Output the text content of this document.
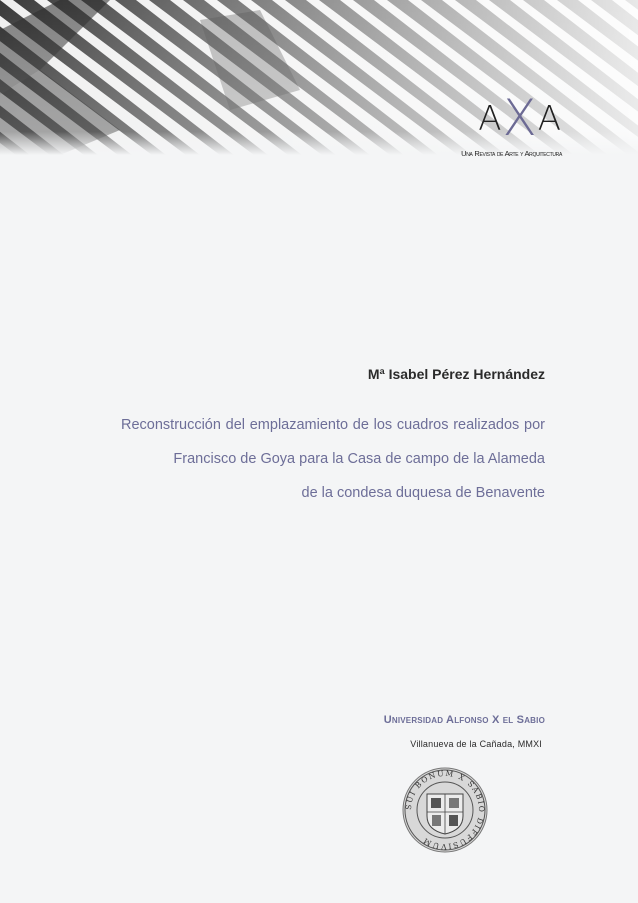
AXA
Una Revista de Arte y Arquitectura
Mª Isabel Pérez Hernández
Reconstrucción del emplazamiento de los cuadros realizados por
Francisco de Goya para la Casa de campo de la Alameda
de la condesa duquesa de Benavente
Universidad Alfonso X el Sabio
Villanueva de la Cañada, MMXI
SUI BONUM X SABIO DIFFUSIVUM
